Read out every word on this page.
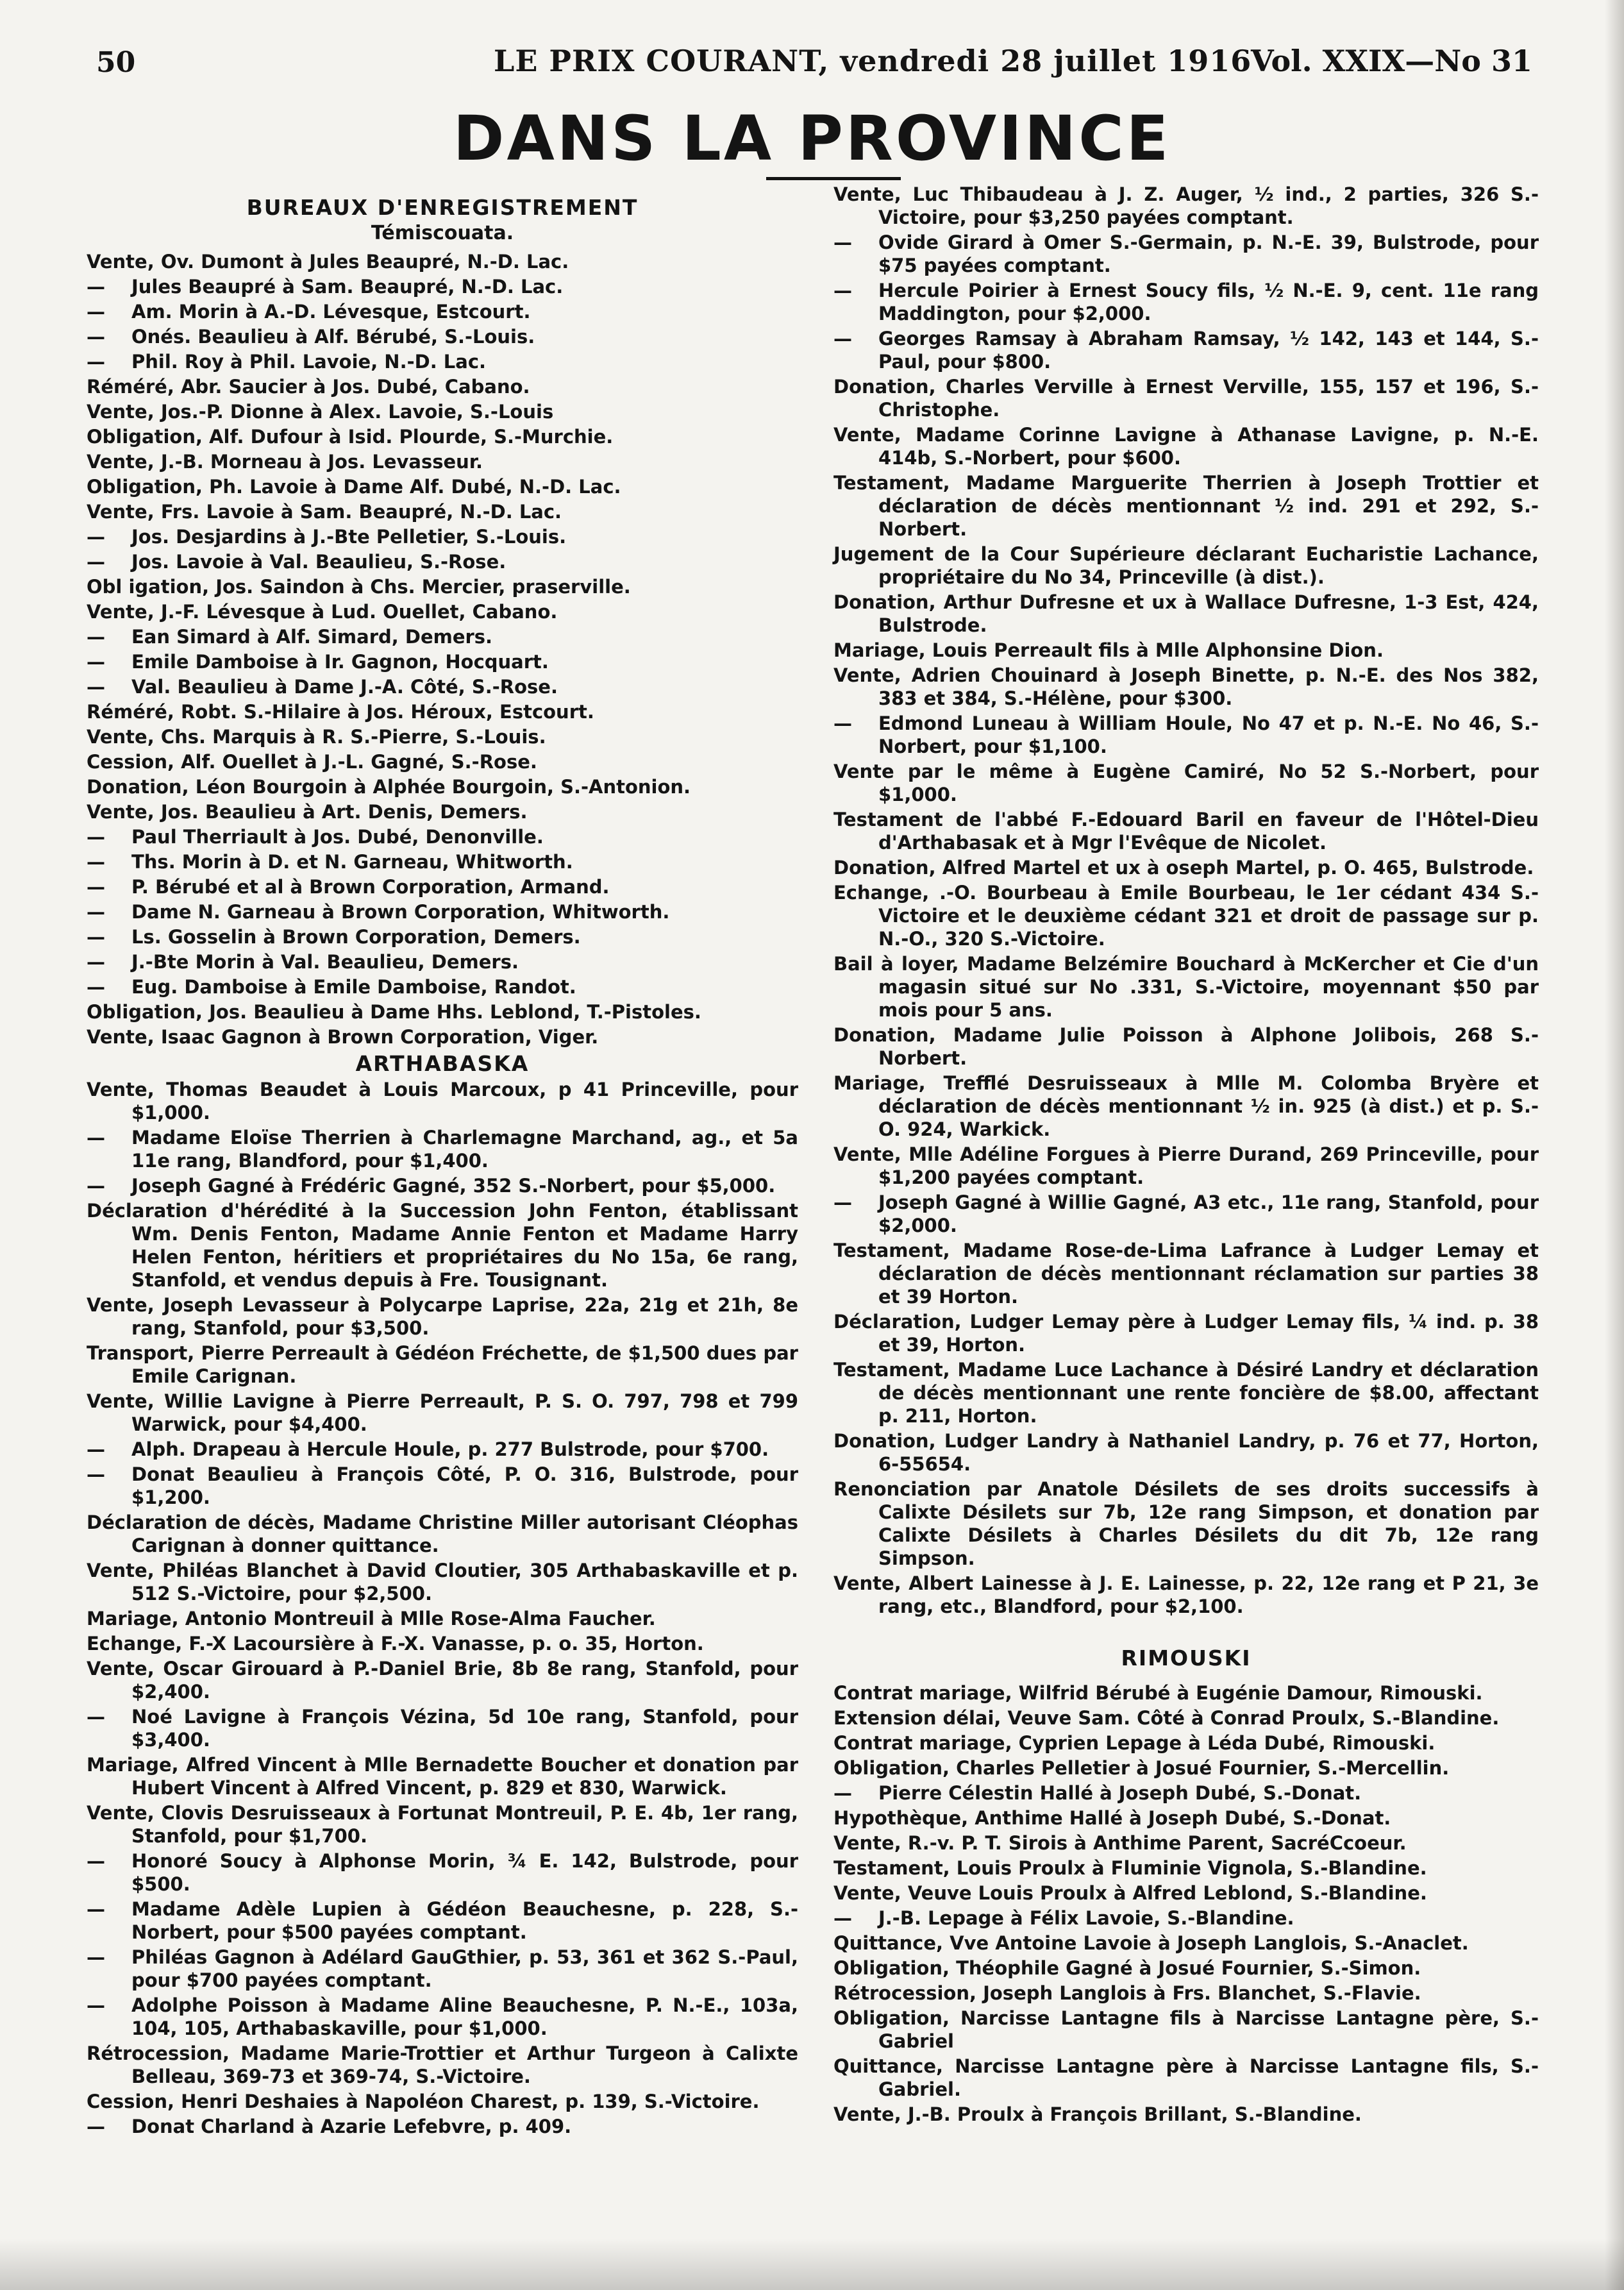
50	LE PRIX COURANT, vendredi 28 juillet 1916
Vol. XXIX—No 31
DANS LA PROVINCE
BUREAUX D'ENREGISTREMENT
Témiscouata.
Vente, Ov. Dumont à Jules Beaupré, N.-D. Lac.
— Jules Beaupré à Sam. Beaupré, N.-D. Lac.
— Am. Morin à A.-D. Lévesque, Estcourt.
— Onés. Beaulieu à Alf. Bérubé, S.-Louis.
— Phil. Roy à Phil. Lavoie, N.-D. Lac.
Réméré, Abr. Saucier à Jos. Dubé, Cabano.
Vente, Jos.-P. Dionne à Alex. Lavoie, S.-Louis
Obligation, Alf. Dufour à Isid. Plourde, S.-Murchie.
Vente, J.-B. Morneau à Jos. Levasseur.
Obligation, Ph. Lavoie à Dame Alf. Dubé, N.-D. Lac.
Vente, Frs. Lavoie à Sam. Beaupré, N.-D. Lac.
— Jos. Desjardins à J.-Bte Pelletier, S.-Louis.
— Jos. Lavoie à Val. Beaulieu, S.-Rose.
Obl igation, Jos. Saindon à Chs. Mercier, praserville.
Vente, J.-F. Lévesque à Lud. Ouellet, Cabano.
— Ean Simard à Alf. Simard, Demers.
— Emile Damboise à Ir. Gagnon, Hocquart.
— Val. Beaulieu à Dame J.-A. Côté, S.-Rose.
Réméré, Robt. S.-Hilaire à Jos. Héroux, Estcourt.
Vente, Chs. Marquis à R. S.-Pierre, S.-Louis.
Cession, Alf. Ouellet à J.-L. Gagné, S.-Rose.
Donation, Léon Bourgoin à Alphée Bourgoin, S.-Antonion.
Vente, Jos. Beaulieu à Art. Denis, Demers.
— Paul Therriault à Jos. Dubé, Denonville.
— Ths. Morin à D. et N. Garneau, Whitworth.
— P. Bérubé et al à Brown Corporation, Armand.
— Dame N. Garneau à Brown Corporation, Whitworth.
— Ls. Gosselin à Brown Corporation, Demers.
— J.-Bte Morin à Val. Beaulieu, Demers.
— Eug. Damboise à Emile Damboise, Randot.
Obligation, Jos. Beaulieu à Dame Hhs. Leblond, T.-Pistoles.
Vente, Isaac Gagnon à Brown Corporation, Viger.
ARTHABASKA
Vente, Thomas Beaudet à Louis Marcoux, p 41 Princeville, pour $1,000.
— Madame Eloïse Therrien à Charlemagne Marchand, ag., et 5a 11e rang, Blandford, pour $1,400.
— Joseph Gagné à Frédéric Gagné, 352 S.-Norbert, pour $5,000.
Déclaration d'hérédité à la Succession John Fenton, établissant Wm. Denis Fenton, Madame Annie Fenton et Madame Harry Helen Fenton, héritiers et propriétaires du No 15a, 6e rang, Stanfold, et vendus depuis à Fre. Tousignant.
Vente, Joseph Levasseur à Polycarpe Laprise, 22a, 21g et 21h, 8e rang, Stanfold, pour $3,500.
Transport, Pierre Perreault à Gédéon Fréchette, de $1,500 dues par Emile Carignan.
Vente, Willie Lavigne à Pierre Perreault, P. S. O. 797, 798 et 799 Warwick, pour $4,400.
— Alph. Drapeau à Hercule Houle, p. 277 Bulstrode, pour $700.
— Donat Beaulieu à François Côté, P. O. 316, Bulstrode, pour $1,200.
Déclaration de décès, Madame Christine Miller autorisant Cléophas Carignan à donner quittance.
Vente, Philéas Blanchet à David Cloutier, 305 Arthabaskaville et p. 512 S.-Victoire, pour $2,500.
Mariage, Antonio Montreuil à Mlle Rose-Alma Faucher.
Echange, F.-X Lacoursière à F.-X. Vanasse, p. o. 35, Horton.
Vente, Oscar Girouard à P.-Daniel Brie, 8b 8e rang, Stanfold, pour $2,400.
— Noé Lavigne à François Vézina, 5d 10e rang, Stanfold, pour $3,400.
Mariage, Alfred Vincent à Mlle Bernadette Boucher et donation par Hubert Vincent à Alfred Vincent, p. 829 et 830, Warwick.
Vente, Clovis Desruisseaux à Fortunat Montreuil, P. E. 4b, 1er rang, Stanfold, pour $1,700.
— Honoré Soucy à Alphonse Morin, ¾ E. 142, Bulstrode, pour $500.
— Madame Adèle Lupien à Gédéon Beauchesne, p. 228, S.-Norbert, pour $500 payées comptant.
— Philéas Gagnon à Adélard GauGthier, p. 53, 361 et 362 S.-Paul, pour $700 payées comptant.
— Adolphe Poisson à Madame Aline Beauchesne, P. N.-E., 103a, 104, 105, Arthabaskaville, pour $1,000.
Rétrocession, Madame Marie-Trottier et Arthur Turgeon à Calixte Belleau, 369-73 et 369-74, S.-Victoire.
Cession, Henri Deshaies à Napoléon Charest, p. 139, S.-Victoire.
— Donat Charland à Azarie Lefebvre, p. 409.
Vente, Luc Thibaudeau à J. Z. Auger, ½ ind., 2 parties, 326 S.-Victoire, pour $3,250 payées comptant.
— Ovide Girard à Omer S.-Germain, p. N.-E. 39, Bulstrode, pour $75 payées comptant.
— Hercule Poirier à Ernest Soucy fils, ½ N.-E. 9, cent. 11e rang Maddington, pour $2,000.
— Georges Ramsay à Abraham Ramsay, ½ 142, 143 et 144, S.-Paul, pour $800.
Donation, Charles Verville à Ernest Verville, 155, 157 et 196, S.-Christophe.
Vente, Madame Corinne Lavigne à Athanase Lavigne, p. N.-E. 414b, S.-Norbert, pour $600.
Testament, Madame Marguerite Therrien à Joseph Trottier et déclaration de décès mentionnant ½ ind. 291 et 292, S.-Norbert.
Jugement de la Cour Supérieure déclarant Eucharistie Lachance, propriétaire du No 34, Princeville (à dist.).
Donation, Arthur Dufresne et ux à Wallace Dufresne, 1-3 Est, 424, Bulstrode.
Mariage, Louis Perreault fils à Mlle Alphonsine Dion.
Vente, Adrien Chouinard à Joseph Binette, p. N.-E. des Nos 382, 383 et 384, S.-Hélène, pour $300.
— Edmond Luneau à William Houle, No 47 et p. N.-E. No 46, S.-Norbert, pour $1,100.
Vente par le même à Eugène Camiré, No 52 S.-Norbert, pour $1,000.
Testament de l'abbé F.-Edouard Baril en faveur de l'Hôtel-Dieu d'Arthabasak et à Mgr l'Evêque de Nicolet.
Donation, Alfred Martel et ux à oseph Martel, p. O. 465, Bulstrode.
Echange, .-O. Bourbeau à Emile Bourbeau, le 1er cédant 434 S.-Victoire et le deuxième cédant 321 et droit de passage sur p. N.-O., 320 S.-Victoire.
Bail à loyer, Madame Belzémire Bouchard à McKercher et Cie d'un magasin situé sur No .331, S.-Victoire, moyennant $50 par mois pour 5 ans.
Donation, Madame Julie Poisson à Alphone Jolibois, 268 S.-Norbert.
Mariage, Trefflé Desruisseaux à Mlle M. Colomba Bryère et déclaration de décès mentionnant ½ in. 925 (à dist.) et p. S.-O. 924, Warkick.
Vente, Mlle Adéline Forgues à Pierre Durand, 269 Princeville, pour $1,200 payées comptant.
— Joseph Gagné à Willie Gagné, A3 etc., 11e rang, Stanfold, pour $2,000.
Testament, Madame Rose-de-Lima Lafrance à Ludger Lemay et déclaration de décès mentionnant réclamation sur parties 38 et 39 Horton.
Déclaration, Ludger Lemay père à Ludger Lemay fils, ¼ ind. p. 38 et 39, Horton.
Testament, Madame Luce Lachance à Désiré Landry et déclaration de décès mentionnant une rente foncière de $8.00, affectant p. 211, Horton.
Donation, Ludger Landry à Nathaniel Landry, p. 76 et 77, Horton, 6-55654.
Renonciation par Anatole Désilets de ses droits successifs à Calixte Désilets sur 7b, 12e rang Simpson, et donation par Calixte Désilets à Charles Désilets du dit 7b, 12e rang Simpson.
Vente, Albert Lainesse à J. E. Lainesse, p. 22, 12e rang et P 21, 3e rang, etc., Blandford, pour $2,100.
RIMOUSKI
Contrat mariage, Wilfrid Bérubé à Eugénie Damour, Rimouski.
Extension délai, Veuve Sam. Côté à Conrad Proulx, S.-Blandine.
Contrat mariage, Cyprien Lepage à Léda Dubé, Rimouski.
Obligation, Charles Pelletier à Josué Fournier, S.-Mercellin.
— Pierre Célestin Hallé à Joseph Dubé, S.-Donat.
Hypothèque, Anthime Hallé à Joseph Dubé, S.-Donat.
Vente, R.-v. P. T. Sirois à Anthime Parent, SacréCcoeur.
Testament, Louis Proulx à Fluminie Vignola, S.-Blandine.
Vente, Veuve Louis Proulx à Alfred Leblond, S.-Blandine.
— J.-B. Lepage à Félix Lavoie, S.-Blandine.
Quittance, Vve Antoine Lavoie à Joseph Langlois, S.-Anaclet.
Obligation, Théophile Gagné à Josué Fournier, S.-Simon.
Rétrocession, Joseph Langlois à Frs. Blanchet, S.-Flavie.
Obligation, Narcisse Lantagne fils à Narcisse Lantagne père, S.-Gabriel
Quittance, Narcisse Lantagne père à Narcisse Lantagne fils, S.-Gabriel.
Vente, J.-B. Proulx à François Brillant, S.-Blandine.
